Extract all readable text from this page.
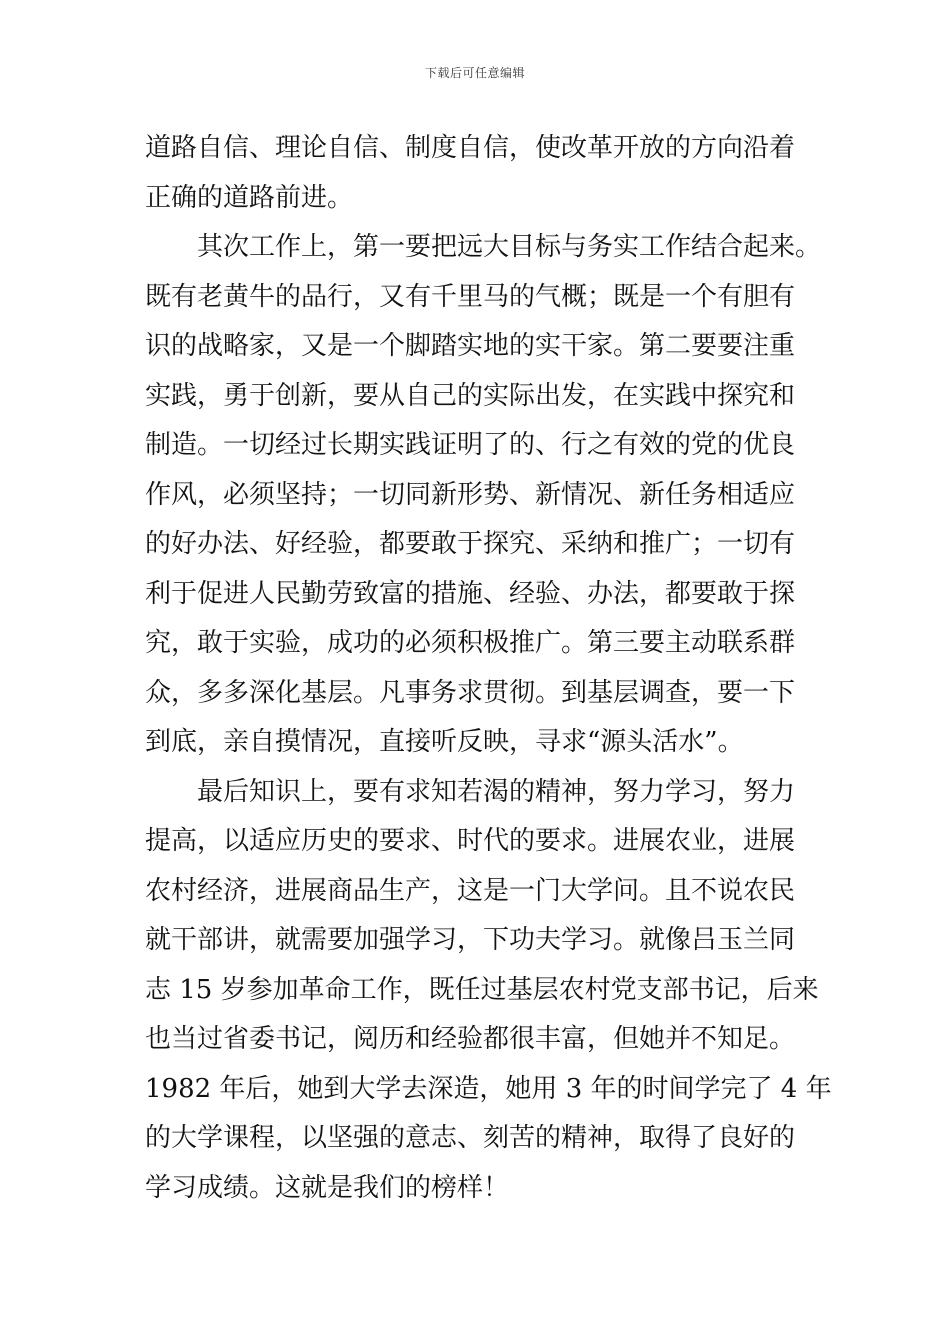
下载后可任意编辑
道路自信、理论自信、制度自信，使改革开放的方向沿着
正确的道路前进。
其次工作上，第一要把远大目标与务实工作结合起来。
既有老黄牛的品行，又有千里马的气概；既是一个有胆有
识的战略家，又是一个脚踏实地的实干家。第二要要注重
实践，勇于创新，要从自己的实际出发，在实践中探究和
制造。一切经过长期实践证明了的、行之有效的党的优良
作风，必须坚持；一切同新形势、新情况、新任务相适应
的好办法、好经验，都要敢于探究、采纳和推广；一切有
利于促进人民勤劳致富的措施、经验、办法，都要敢于探
究，敢于实验，成功的必须积极推广。第三要主动联系群
众，多多深化基层。凡事务求贯彻。到基层调查，要一下
到底，亲自摸情况，直接听反映，寻求“源头活水”。
最后知识上，要有求知若渴的精神，努力学习，努力
提高，以适应历史的要求、时代的要求。进展农业，进展
农村经济，进展商品生产，这是一门大学问。且不说农民
就干部讲，就需要加强学习，下功夫学习。就像吕玉兰同
志 15 岁参加革命工作，既任过基层农村党支部书记，后来
也当过省委书记，阅历和经验都很丰富，但她并不知足。
1982 年后，她到大学去深造，她用 3 年的时间学完了 4 年
的大学课程，以坚强的意志、刻苦的精神，取得了良好的
学习成绩。这就是我们的榜样！
